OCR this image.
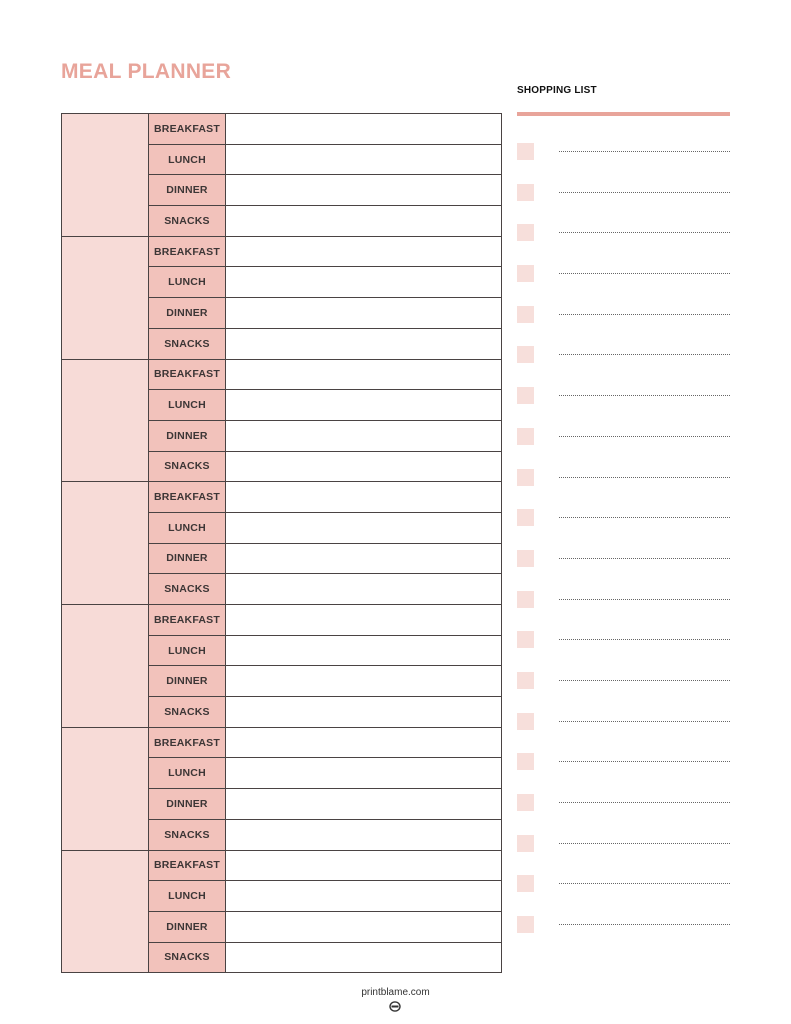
MEAL PLANNER
BREAKFAST
LUNCH
DINNER
SNACKS
BREAKFAST
LUNCH
DINNER
SNACKS
BREAKFAST
LUNCH
DINNER
SNACKS
BREAKFAST
LUNCH
DINNER
SNACKS
BREAKFAST
LUNCH
DINNER
SNACKS
BREAKFAST
LUNCH
DINNER
SNACKS
BREAKFAST
LUNCH
DINNER
SNACKS
SHOPPING LIST
printblame.com
